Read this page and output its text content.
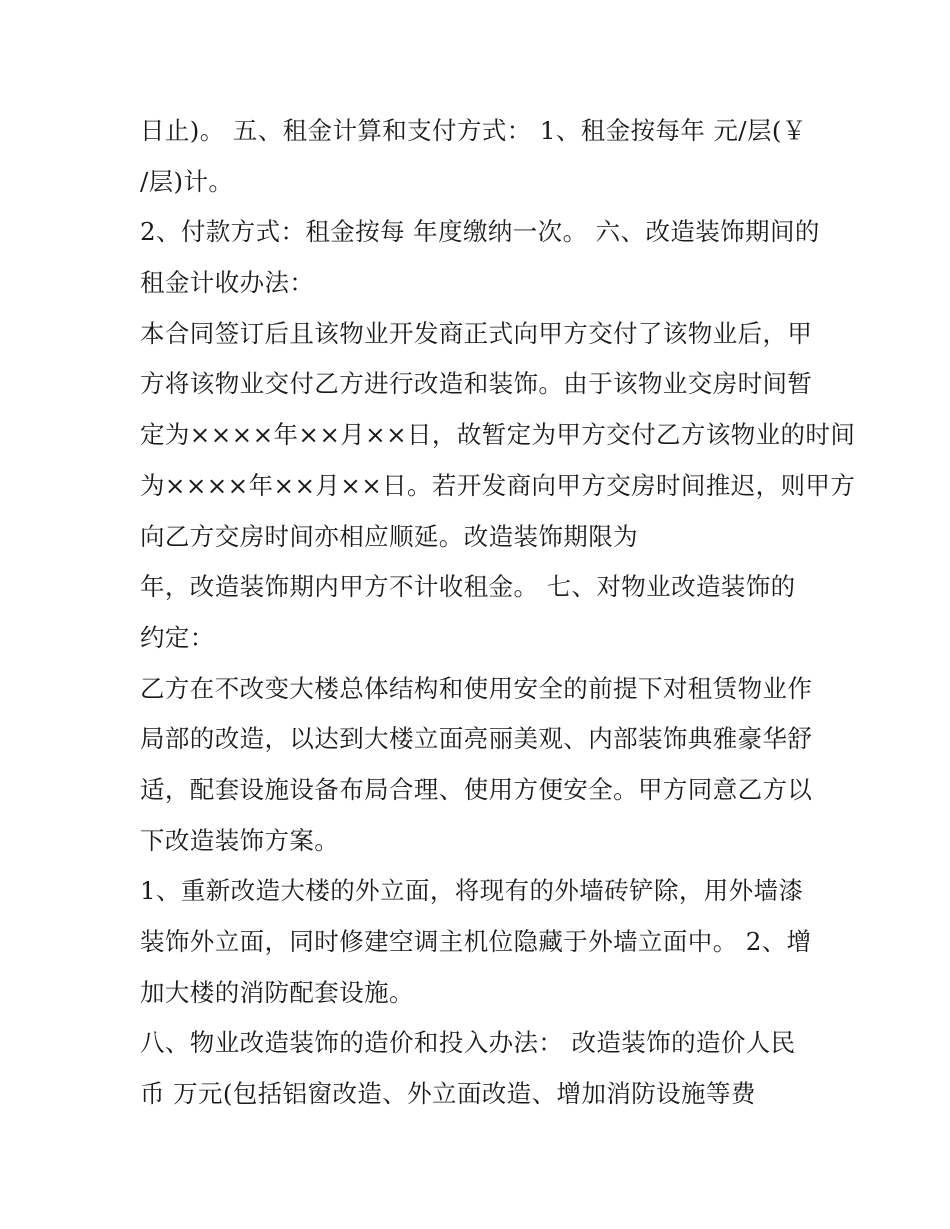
日止)。 五、租金计算和支付方式： 1、租金按每年 元/层(￥
/层)计。
2、付款方式：租金按每 年度缴纳一次。 六、改造装饰期间的
租金计收办法：
本合同签订后且该物业开发商正式向甲方交付了该物业后，甲
方将该物业交付乙方进行改造和装饰。由于该物业交房时间暂
定为××××年××月××日，故暂定为甲方交付乙方该物业的时间
为××××年××月××日。若开发商向甲方交房时间推迟，则甲方
向乙方交房时间亦相应顺延。改造装饰期限为
年，改造装饰期内甲方不计收租金。 七、对物业改造装饰的
约定：
乙方在不改变大楼总体结构和使用安全的前提下对租赁物业作
局部的改造，以达到大楼立面亮丽美观、内部装饰典雅豪华舒
适，配套设施设备布局合理、使用方便安全。甲方同意乙方以
下改造装饰方案。
1、重新改造大楼的外立面，将现有的外墙砖铲除，用外墙漆
装饰外立面，同时修建空调主机位隐藏于外墙立面中。 2、增
加大楼的消防配套设施。
八、物业改造装饰的造价和投入办法： 改造装饰的造价人民
币 万元(包括铝窗改造、外立面改造、增加消防设施等费
